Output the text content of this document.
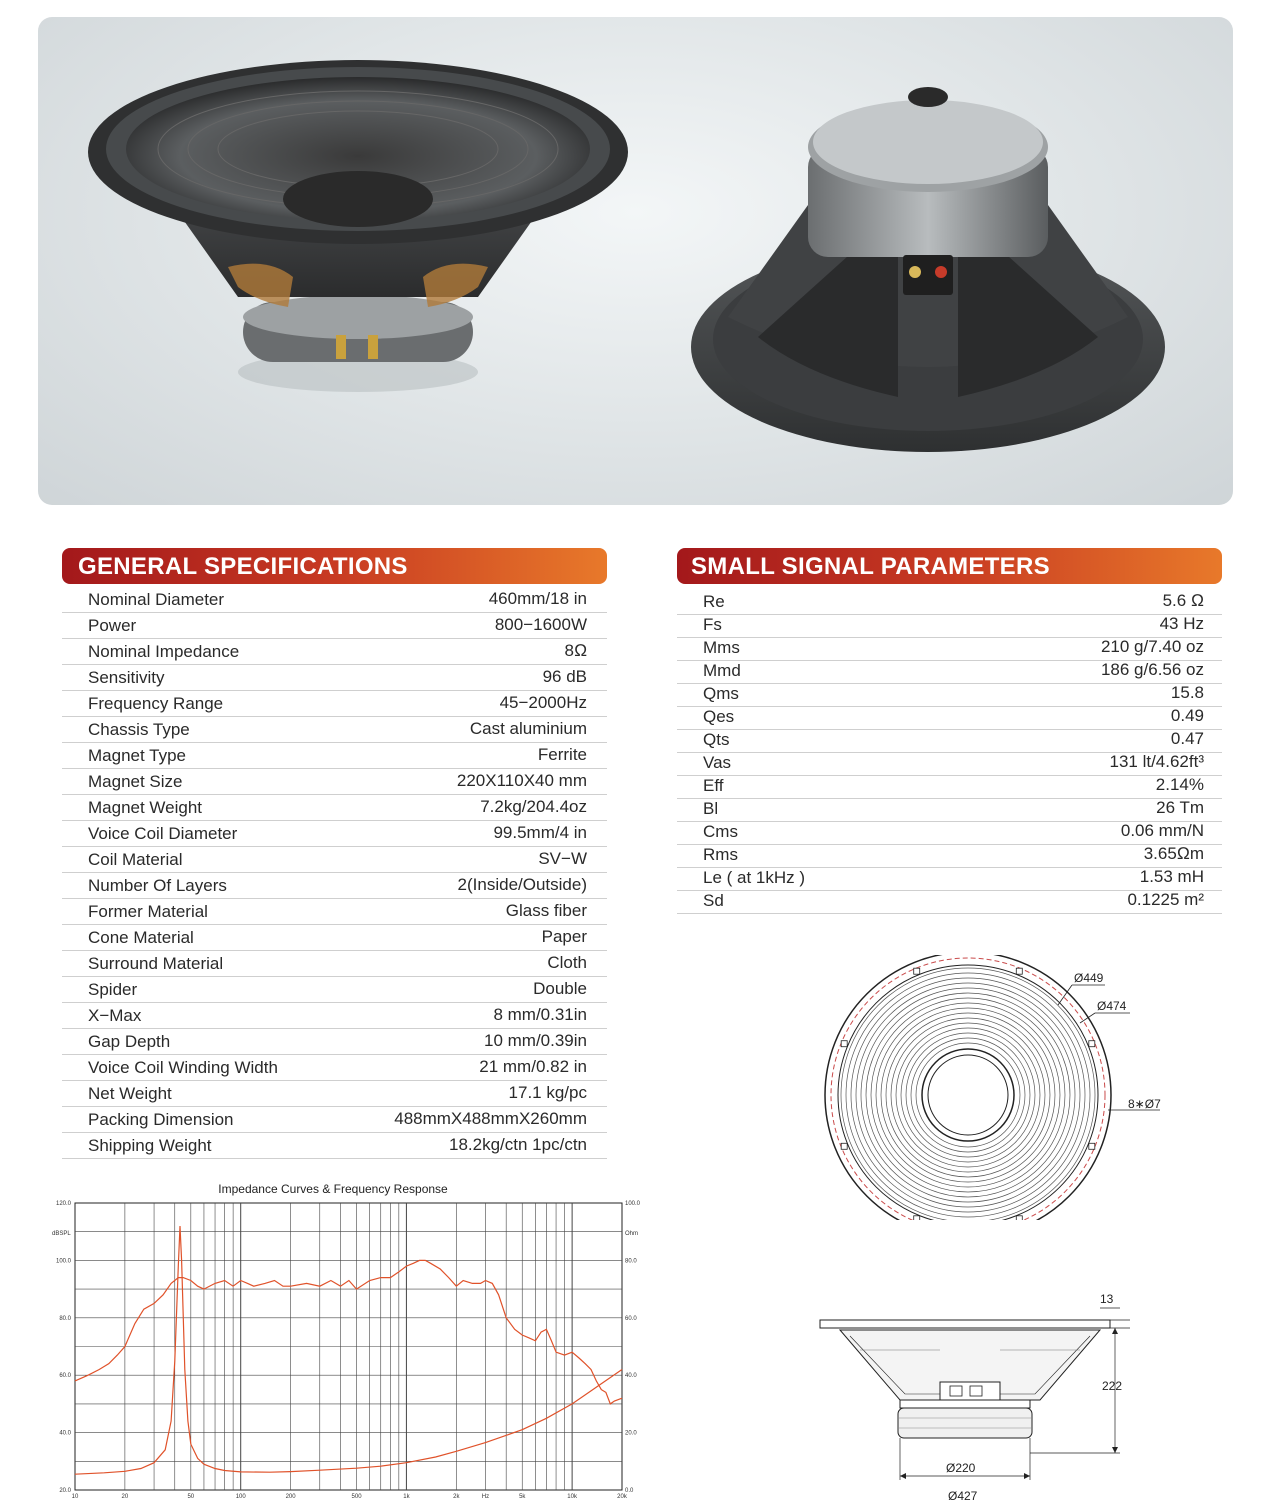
GENERAL SPECIFICATIONS
Nominal Diameter	460mm/18 in
Power	800−1600W
Nominal Impedance	8Ω
Sensitivity	96 dB
Frequency Range	45−2000Hz
Chassis Type	Cast aluminium
Magnet Type	Ferrite
Magnet Size	220X110X40 mm
Magnet Weight	7.2kg/204.4oz
Voice Coil Diameter	99.5mm/4 in
Coil Material	SV−W
Number Of Layers	2(Inside/Outside)
Former Material	Glass fiber
Cone Material	Paper
Surround Material	Cloth
Spider	Double
X−Max	8 mm/0.31in
Gap Depth	10 mm/0.39in
Voice Coil Winding Width	21 mm/0.82 in
Net Weight	17.1 kg/pc
Packing Dimension	488mmX488mmX260mm
Shipping Weight	18.2kg/ctn 1pc/ctn
SMALL SIGNAL PARAMETERS
Re	5.6 Ω
Fs	43 Hz
Mms	210 g/7.40 oz
Mmd	186 g/6.56 oz
Qms	15.8
Qes	0.49
Qts	0.47
Vas	131 lt/4.62ft³
Eff	2.14%
Bl	26 Tm
Cms	0.06 mm/N
Rms	3.65Ωm
Le ( at 1kHz )	1.53 mH
Sd	0.1225 m²
Impedance Curves & Frequency Response
dBSPL	Ohm
10	20	50	100	200	500	1k	2k	Hz	5k	10k	20k
20.0
40.0
60.0
80.0
100.0
120.0
0.0
20.0
40.0
60.0
80.0
100.0
Ø449
Ø474
8∗Ø7
13
222
Ø220
Ø427
